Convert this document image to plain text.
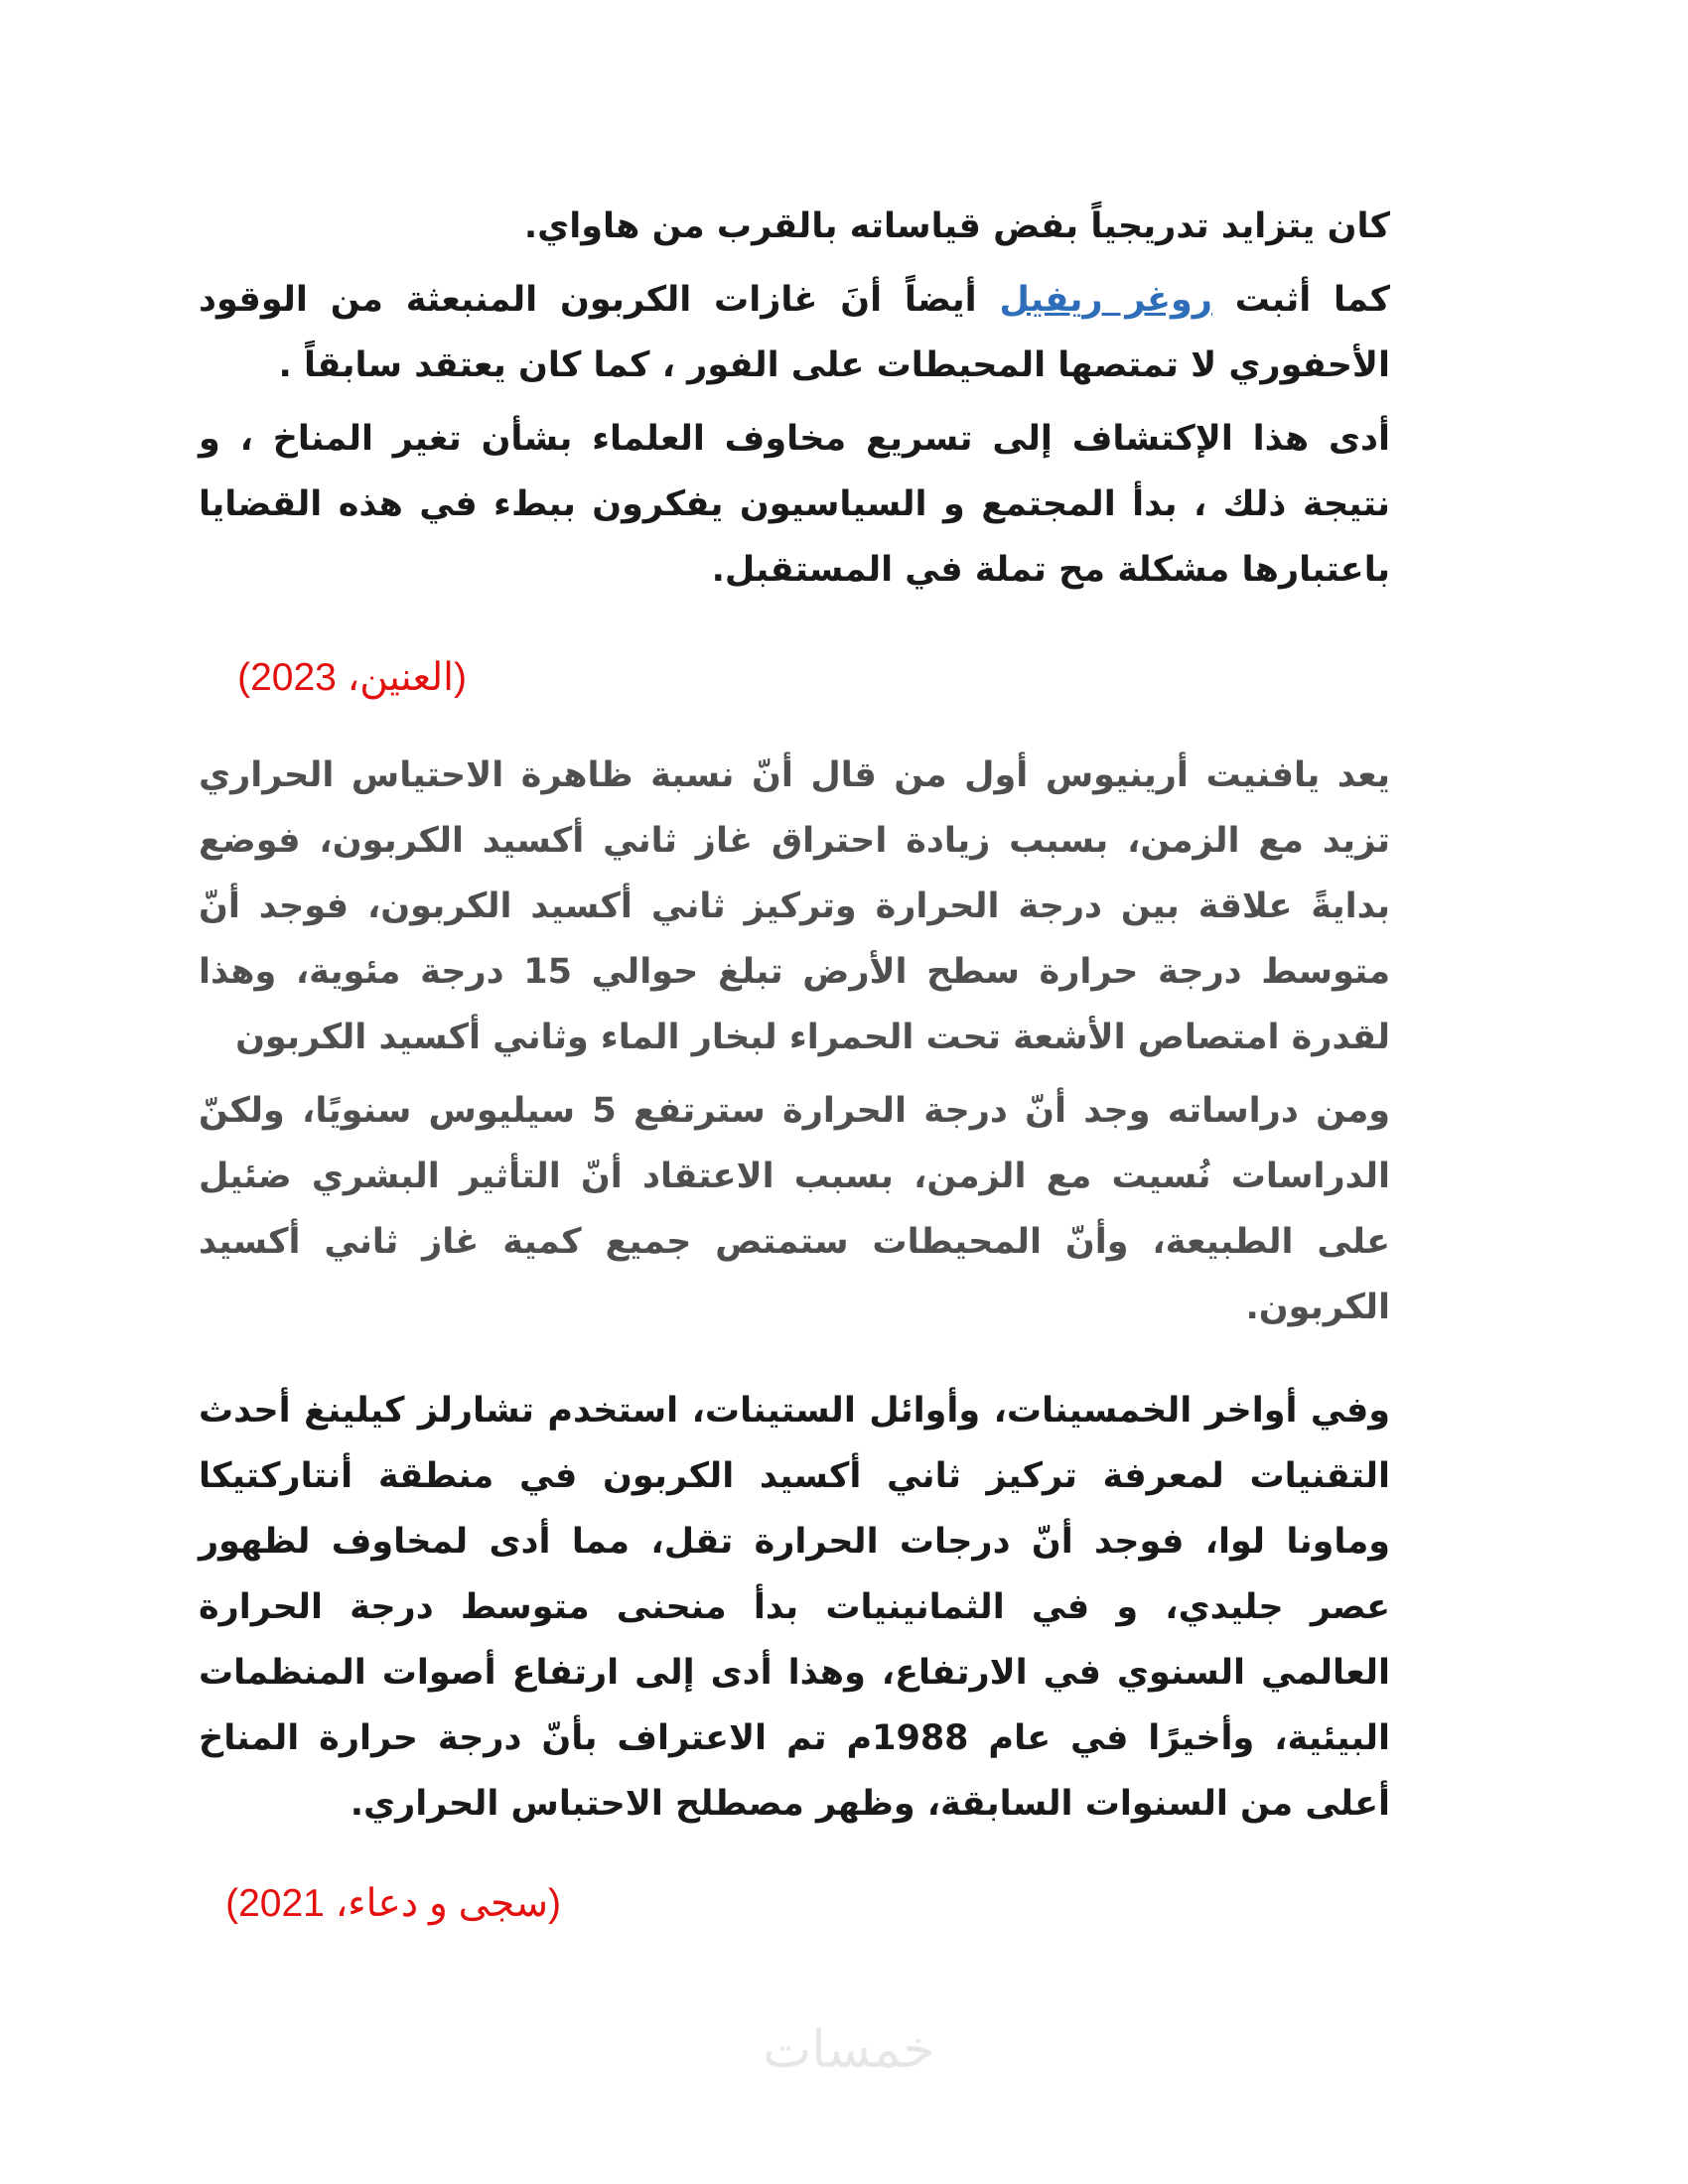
كان يتزايد تدريجياً بفض قياساته بالقرب من هاواي.

كما أثبت روغر ريفيل أيضاً أنَ غازات الكربون المنبعثة من الوقود الأحفوري لا تمتصها المحيطات على الفور ، كما كان يعتقد سابقاً .

أدى هذا الإكتشاف إلى تسريع مخاوف العلماء بشأن تغير المناخ ، و نتيجة ذلك ، بدأ المجتمع و السياسيون يفكرون ببطء في هذه القضايا باعتبارها مشكلة مح تملة في المستقبل.

(العنين، 2023)

يعد يافنيت أرينيوس أول من قال أنّ نسبة ظاهرة الاحتياس الحراري تزيد مع الزمن، بسبب زيادة احتراق غاز ثاني أكسيد الكربون، فوضع بدايةً علاقة بين درجة الحرارة وتركيز ثاني أكسيد الكربون، فوجد أنّ متوسط درجة حرارة سطح الأرض تبلغ حوالي 15 درجة مئوية، وهذا لقدرة امتصاص الأشعة تحت الحمراء لبخار الماء وثاني أكسيد الكربون

ومن دراساته وجد أنّ درجة الحرارة سترتفع 5 سيليوس سنويًا، ولكنّ الدراسات نُسيت مع الزمن، بسبب الاعتقاد أنّ التأثير البشري ضئيل على الطبيعة، وأنّ المحيطات ستمتص جميع كمية غاز ثاني أكسيد الكربون.

وفي أواخر الخمسينات، وأوائل الستينات، استخدم تشارلز كيلينغ أحدث التقنيات لمعرفة تركيز ثاني أكسيد الكربون في منطقة أنتاركتيكا وماونا لوا، فوجد أنّ درجات الحرارة تقل، مما أدى لمخاوف لظهور عصر جليدي، و في الثمانينيات بدأ منحنى متوسط درجة الحرارة العالمي السنوي في الارتفاع، وهذا أدى إلى ارتفاع أصوات المنظمات البيئية، وأخيرًا في عام 1988م تم الاعتراف بأنّ درجة حرارة المناخ أعلى من السنوات السابقة، وظهر مصطلح الاحتباس الحراري.

(سجى و دعاء، 2021)
خمسات
